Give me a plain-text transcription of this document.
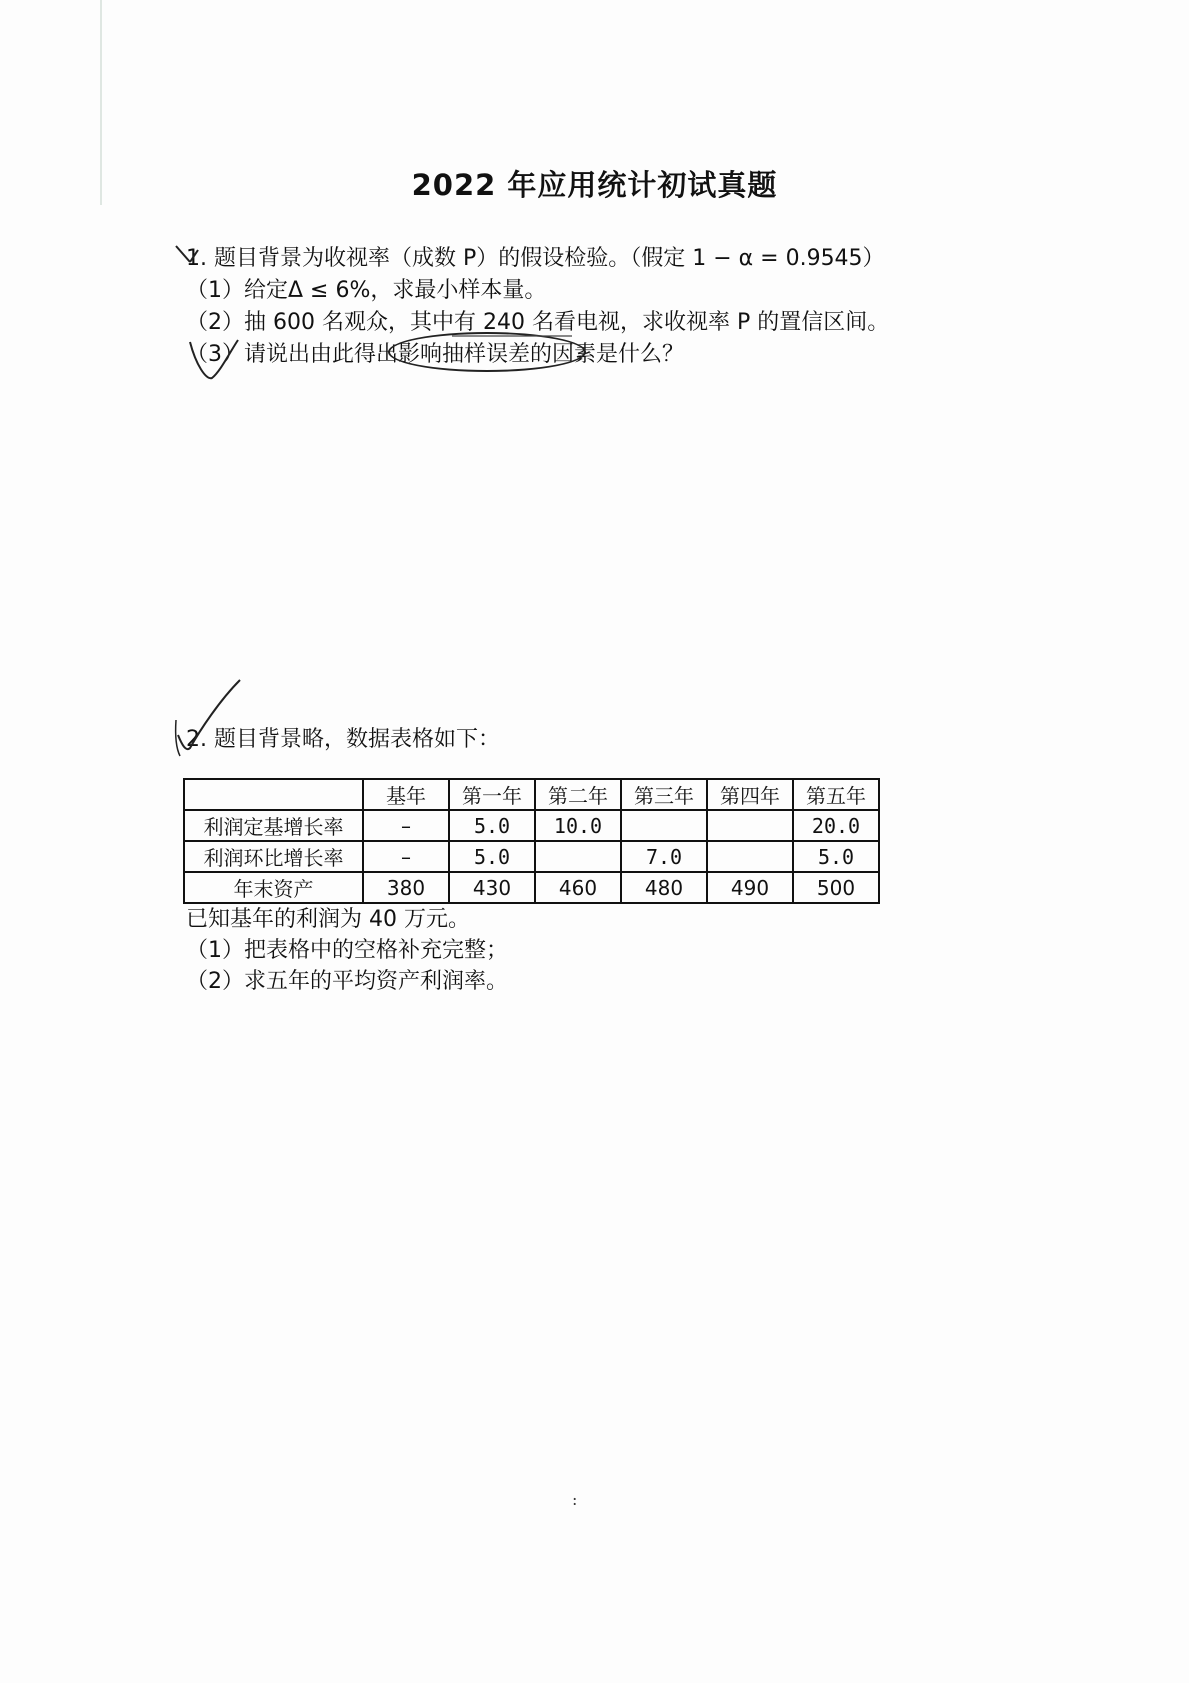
2022 年应用统计初试真题
1. 题目背景为收视率（成数 P）的假设检验。（假定 1 − α = 0.9545）
（1）给定Δ ≤ 6%，求最小样本量。
（2）抽 600 名观众，其中有 240 名看电视，求收视率 P 的置信区间。
（3）请说出由此得出影响抽样误差的因素是什么？
2. 题目背景略，数据表格如下：
	基年	第一年	第二年	第三年	第四年	第五年
利润定基增长率	–	5.0	10.0			20.0
利润环比增长率	–	5.0		7.0		5.0
年末资产	380	430	460	480	490	500
已知基年的利润为 40 万元。
（1）把表格中的空格补充完整；
（2）求五年的平均资产利润率。
:
